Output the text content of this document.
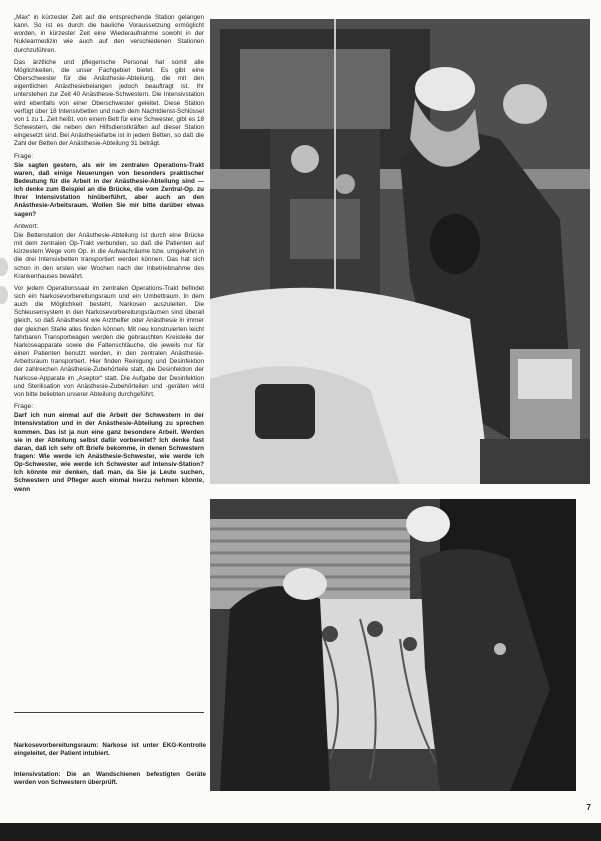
„Max“ in kürzester Zeit auf die entsprechende Station gelangen kann. So ist es durch die bauliche Voraussetzung ermöglicht worden, in kürzester Zeit eine Wiederaufnahme sowohl in der Nuklearmedizin wie auch auf den verschiedenen Stationen durchzuführen.

Das ärztliche und pflegerische Personal hat somit alle Möglichkeiten, die unser Fachgebiet bietet. Es gibt eine Oberschwester für die Anästhesie-Abteilung, die mit den eigentlichen Anästhesiebelangen jedoch beauftragt ist. Ihr unterstehen zur Zeit 40 Anästhesie-Schwestern. Die Intensivstation wird ebenfalls von einer Oberschwester geleitet. Diese Station verfügt über 18 Intensivbetten und nach dem Nachtdienst-Schlüssel von 1 zu 1. Zeit heißt, von einem Bett für eine Schwester, gibt es 18 Schwestern, die neben den Hilfsdienstkräften auf dieser Station eingesetzt sind. Bei Anästhesiefarbe ist in jedem Betten, so daß die Zahl der Betten der Anästhesie-Abteilung 31 beträgt.

Frage:

Sie sagten gestern, als wir im zentralen Operations-Trakt waren, daß einige Neuerungen von besonders praktischer Bedeutung für die Arbeit in der Anästhesie-Abteilung sind — ich denke zum Beispiel an die Brücke, die vom Zentral-Op. zu Ihrer Intensivstation hinüberführt, aber auch an den Anästhesie-Arbeitsraum. Wollen Sie mir bitte darüber etwas sagen?

Antwort:

Die Bettenstation der Anästhesie-Abteilung ist durch eine Brücke mit dem zentralen Op-Trakt verbunden, so daß die Patienten auf kürzestem Wege vom Op. in die Aufwachräume bzw. umgekehrt in die drei Intensivbetten transportiert werden können. Das hat sich schon in den ersten vier Wochen nach der Inbetriebnahme des Krankenhauses bewährt.

Vor jedem Operationssaal im zentralen Operations-Trakt befindet sich ein Narkosevorbereitungsraum und ein Umbettraum. In dem auch die Möglichkeit besteht, Narkosen auszuleiten. Die Schleusensystem in den Narkosevorbereitungsräumen sind überall gleich, so daß Anästhesist wie Arzthelfer oder Anästhesie in immer der gleichen Stelle alles finden können. Mit neu konstruierten leicht fahrbaren Transportwagen werden die gebrauchten Kreisteile der Narkoseapparate sowie die Faltenschläuche, die jeweils nur für einen Patienten benutzt werden, in den zentralen Anästhesie-Arbeitsraum transportiert. Hier finden Reinigung und Desinfektion der zahlreichen Anästhesie-Zubehörteile statt, die Desinfektion der Narkose-Apparate im „Aseptor“ statt. Die Aufgabe der Desinfektion und Sterilisation von Anästhesie-Zubehörteilen und -geräten wird von bitte beliebten unserer Abteilung durchgeführt.

Frage:

Darf ich nun einmal auf die Arbeit der Schwestern in der Intensivstation und in der Anästhesie-Abteilung zu sprechen kommen. Das ist ja nun eine ganz besondere Arbeit. Werden sie in der Abteilung selbst dafür vorbereitet? Ich denke fast daran, daß ich sehr oft Briefe bekomme, in denen Schwestern fragen: Wie werde ich Anästhesie-Schwester, wie werde ich Op-Schwester, wie werde ich Schwester auf Intensiv-Station? Ich könnte mir denken, daß man, da Sie ja Leute suchen, Schwestern und Pfleger auch einmal hierzu nehmen könnte, wenn

Narkosevorbereitungsraum: Narkose ist unter EKG-Kontrolle eingeleitet, der Patient intubiert.
Intensivstation: Die an Wandschienen befestigten Geräte werden von Schwestern überprüft.
7
